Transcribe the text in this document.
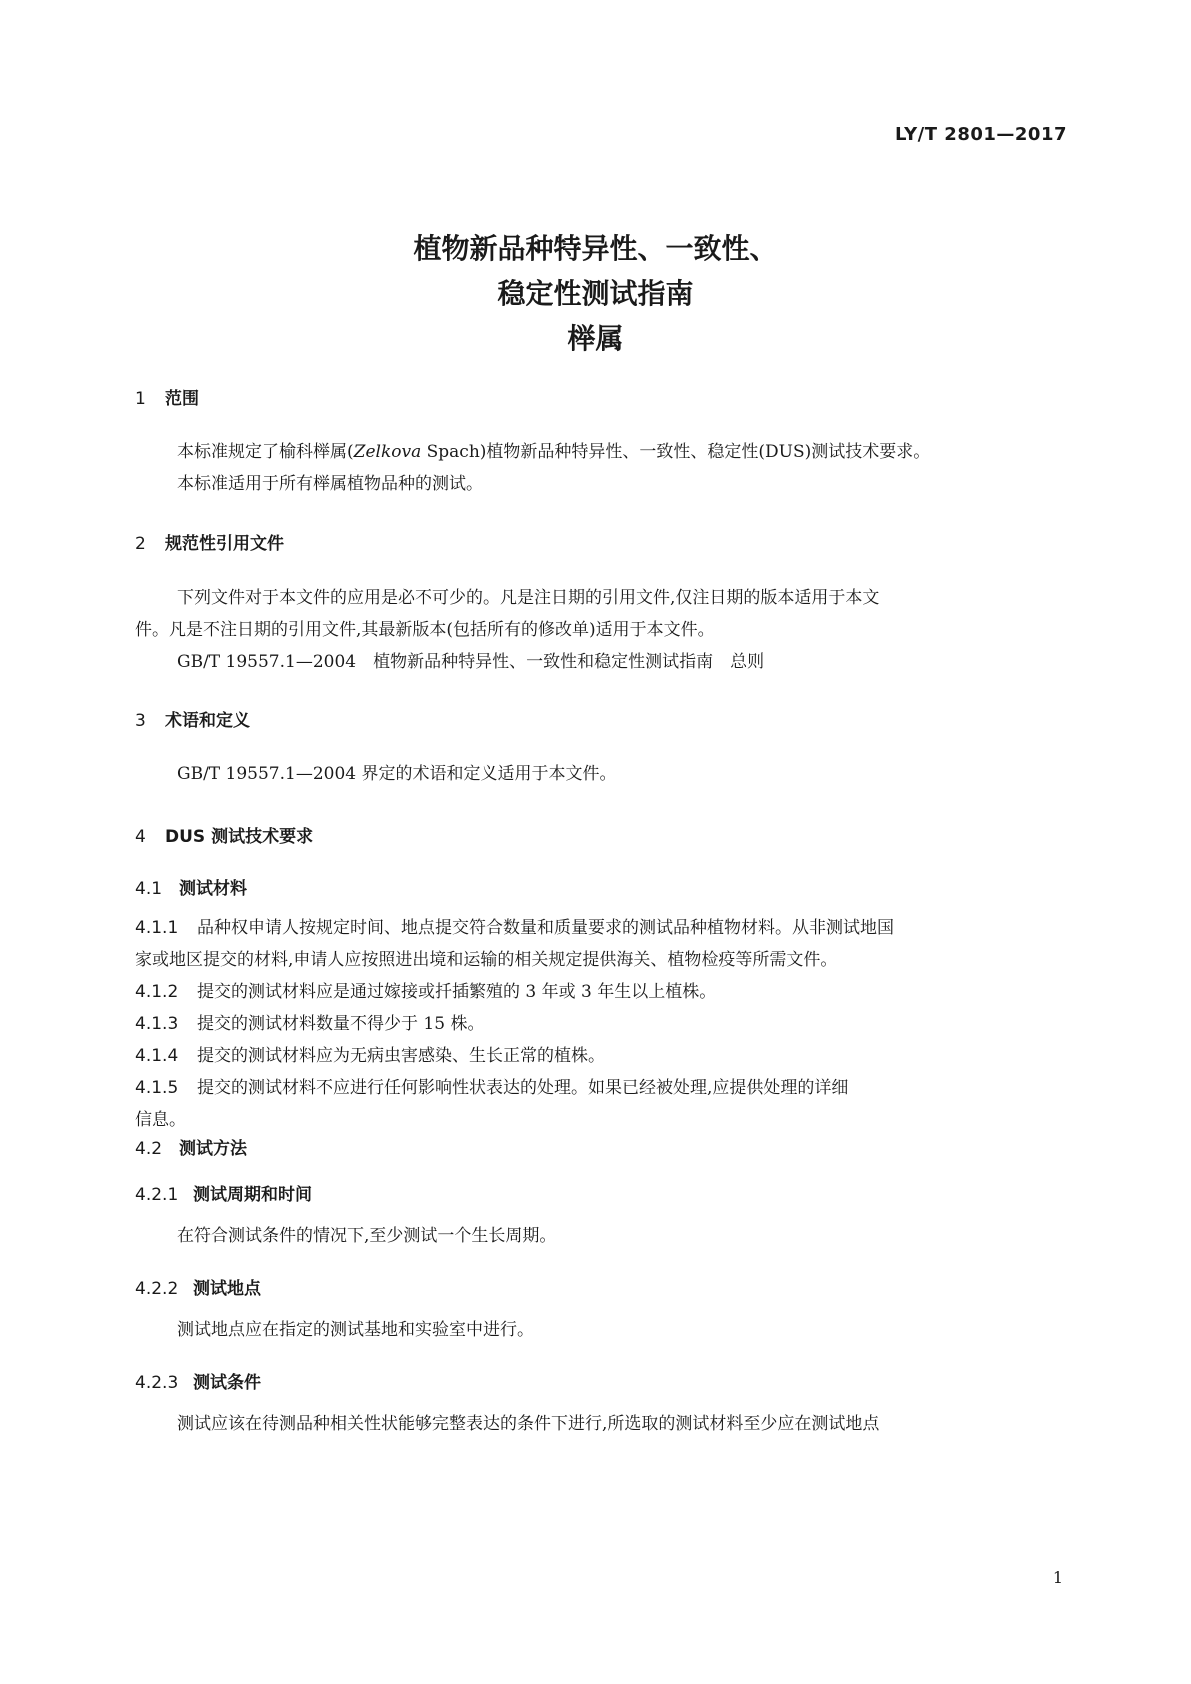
LY/T 2801—2017
植物新品种特异性、一致性、
稳定性测试指南
榉属
1 范围
本标准规定了榆科榉属(Zelkova Spach)植物新品种特异性、一致性、稳定性(DUS)测试技术要求。
本标准适用于所有榉属植物品种的测试。
2 规范性引用文件
下列文件对于本文件的应用是必不可少的。凡是注日期的引用文件,仅注日期的版本适用于本文
件。凡是不注日期的引用文件,其最新版本(包括所有的修改单)适用于本文件。
GB/T 19557.1—2004　植物新品种特异性、一致性和稳定性测试指南　总则
3 术语和定义
GB/T 19557.1—2004 界定的术语和定义适用于本文件。
4 DUS 测试技术要求
4.1 测试材料
4.1.1 品种权申请人按规定时间、地点提交符合数量和质量要求的测试品种植物材料。从非测试地国
家或地区提交的材料,申请人应按照进出境和运输的相关规定提供海关、植物检疫等所需文件。
4.1.2 提交的测试材料应是通过嫁接或扦插繁殖的 3 年或 3 年生以上植株。
4.1.3 提交的测试材料数量不得少于 15 株。
4.1.4 提交的测试材料应为无病虫害感染、生长正常的植株。
4.1.5 提交的测试材料不应进行任何影响性状表达的处理。如果已经被处理,应提供处理的详细
信息。
4.2 测试方法
4.2.1 测试周期和时间
在符合测试条件的情况下,至少测试一个生长周期。
4.2.2 测试地点
测试地点应在指定的测试基地和实验室中进行。
4.2.3 测试条件
测试应该在待测品种相关性状能够完整表达的条件下进行,所选取的测试材料至少应在测试地点
1
